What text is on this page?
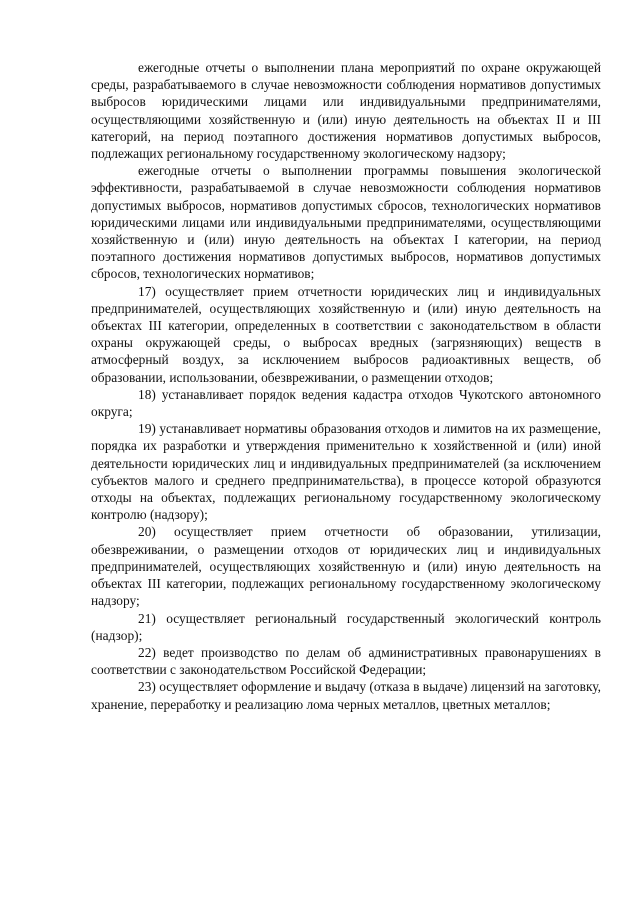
ежегодные отчеты о выполнении плана мероприятий по охране окружающей среды, разрабатываемого в случае невозможности соблюдения нормативов допустимых выбросов юридическими лицами или индивидуальными предпринимателями, осуществляющими хозяйственную и (или) иную деятельность на объектах II и III категорий, на период поэтапного достижения нормативов допустимых выбросов, подлежащих региональному государственному экологическому надзору;

ежегодные отчеты о выполнении программы повышения экологической эффективности, разрабатываемой в случае невозможности соблюдения нормативов допустимых выбросов, нормативов допустимых сбросов, технологических нормативов юридическими лицами или индивидуальными предпринимателями, осуществляющими хозяйственную и (или) иную деятельность на объектах I категории, на период поэтапного достижения нормативов допустимых выбросов, нормативов допустимых сбросов, технологических нормативов;

17) осуществляет прием отчетности юридических лиц и индивидуальных предпринимателей, осуществляющих хозяйственную и (или) иную деятельность на объектах III категории, определенных в соответствии с законодательством в области охраны окружающей среды, о выбросах вредных (загрязняющих) веществ в атмосферный воздух, за исключением выбросов радиоактивных веществ, об образовании, использовании, обезвреживании, о размещении отходов;

18) устанавливает порядок ведения кадастра отходов Чукотского автономного округа;

19) устанавливает нормативы образования отходов и лимитов на их размещение, порядка их разработки и утверждения применительно к хозяйственной и (или) иной деятельности юридических лиц и индивидуальных предпринимателей (за исключением субъектов малого и среднего предпринимательства), в процессе которой образуются отходы на объектах, подлежащих региональному государственному экологическому контролю (надзору);

20) осуществляет прием отчетности об образовании, утилизации, обезвреживании, о размещении отходов от юридических лиц и индивидуальных предпринимателей, осуществляющих хозяйственную и (или) иную деятельность на объектах III категории, подлежащих региональному государственному экологическому надзору;

21) осуществляет региональный государственный экологический контроль (надзор);

22) ведет производство по делам об административных правонарушениях в соответствии с законодательством Российской Федерации;

23) осуществляет оформление и выдачу (отказа в выдаче) лицензий на заготовку, хранение, переработку и реализацию лома черных металлов, цветных металлов;
